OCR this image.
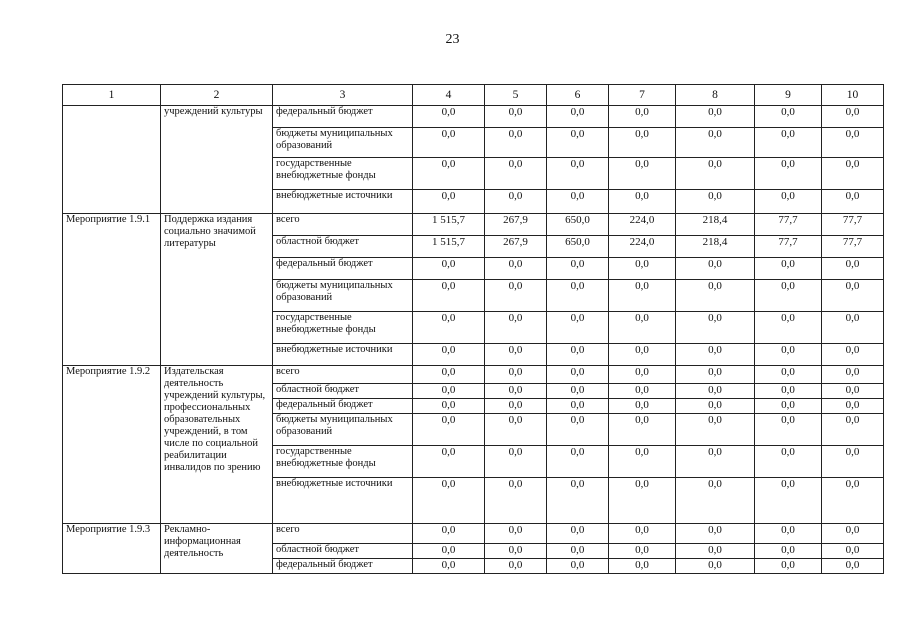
23
1	2	3	4	5	6	7	8	9	10
	учреждений культуры	федеральный бюджет	0,0	0,0	0,0	0,0	0,0	0,0	0,0
		бюджеты муниципальных образований	0,0	0,0	0,0	0,0	0,0	0,0	0,0
		государственные внебюджетные фонды	0,0	0,0	0,0	0,0	0,0	0,0	0,0
		внебюджетные источники	0,0	0,0	0,0	0,0	0,0	0,0	0,0
Мероприятие 1.9.1	Поддержка издания социально значимой литературы	всего	1 515,7	267,9	650,0	224,0	218,4	77,7	77,7
		областной бюджет	1 515,7	267,9	650,0	224,0	218,4	77,7	77,7
		федеральный бюджет	0,0	0,0	0,0	0,0	0,0	0,0	0,0
		бюджеты муниципальных образований	0,0	0,0	0,0	0,0	0,0	0,0	0,0
		государственные внебюджетные фонды	0,0	0,0	0,0	0,0	0,0	0,0	0,0
		внебюджетные источники	0,0	0,0	0,0	0,0	0,0	0,0	0,0
Мероприятие 1.9.2	Издательская деятельность учреждений культуры, профессиональных образовательных учреждений, в том числе по социальной реабилитации инвалидов по зрению	всего	0,0	0,0	0,0	0,0	0,0	0,0	0,0
		областной бюджет	0,0	0,0	0,0	0,0	0,0	0,0	0,0
		федеральный бюджет	0,0	0,0	0,0	0,0	0,0	0,0	0,0
		бюджеты муниципальных образований	0,0	0,0	0,0	0,0	0,0	0,0	0,0
		государственные внебюджетные фонды	0,0	0,0	0,0	0,0	0,0	0,0	0,0
		внебюджетные источники	0,0	0,0	0,0	0,0	0,0	0,0	0,0
Мероприятие 1.9.3	Рекламно-информационная деятельность	всего	0,0	0,0	0,0	0,0	0,0	0,0	0,0
		областной бюджет	0,0	0,0	0,0	0,0	0,0	0,0	0,0
		федеральный бюджет	0,0	0,0	0,0	0,0	0,0	0,0	0,0
